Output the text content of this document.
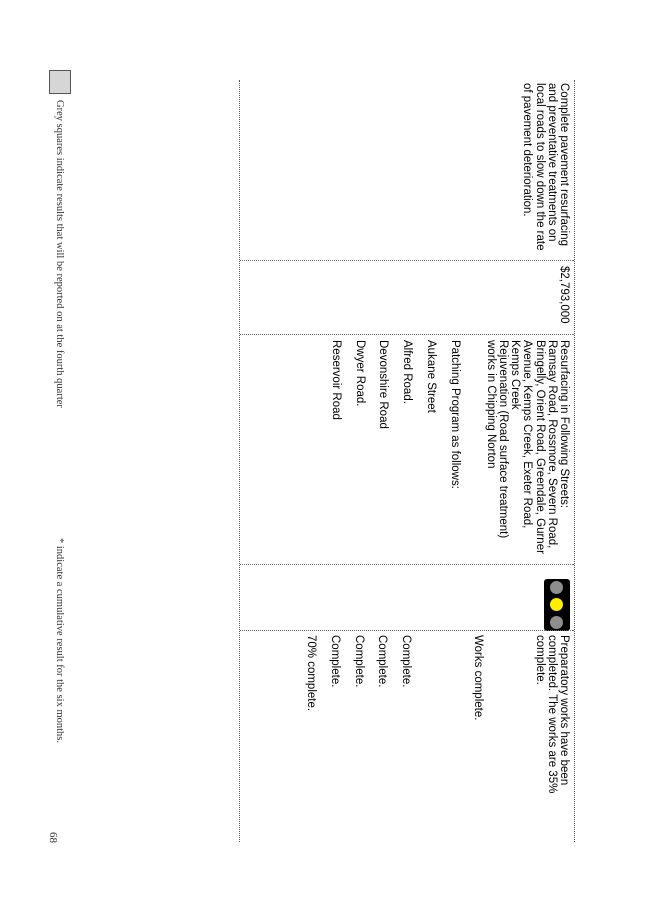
Complete pavement resurfacing and preventative treatments on local roads to slow down the rate of pavement deterioration.
$2,793,000
Resurfacing in Following Streets:
Ramsay Road, Rossmore, Severn Road, Bringelly, Orient Road, Greendale, Gurner Avenue, Kemps Creek, Exeter Road, Kemps Creek
Rejuvenation (Road surface treatment) works in Chipping Norton
Patching Program as follows:
Aukane Street
Alfred Road.
Devonshire Road
Dwyer Road.
Reservoir Road
Preparatory works have been completed. The works are 35% complete.
Works complete.
Complete.
Complete.
Complete.
Complete.
70% complete.
Grey squares indicate results that will be reported on at the fourth quarter
* indicate a cumulative result for the six months.
68
